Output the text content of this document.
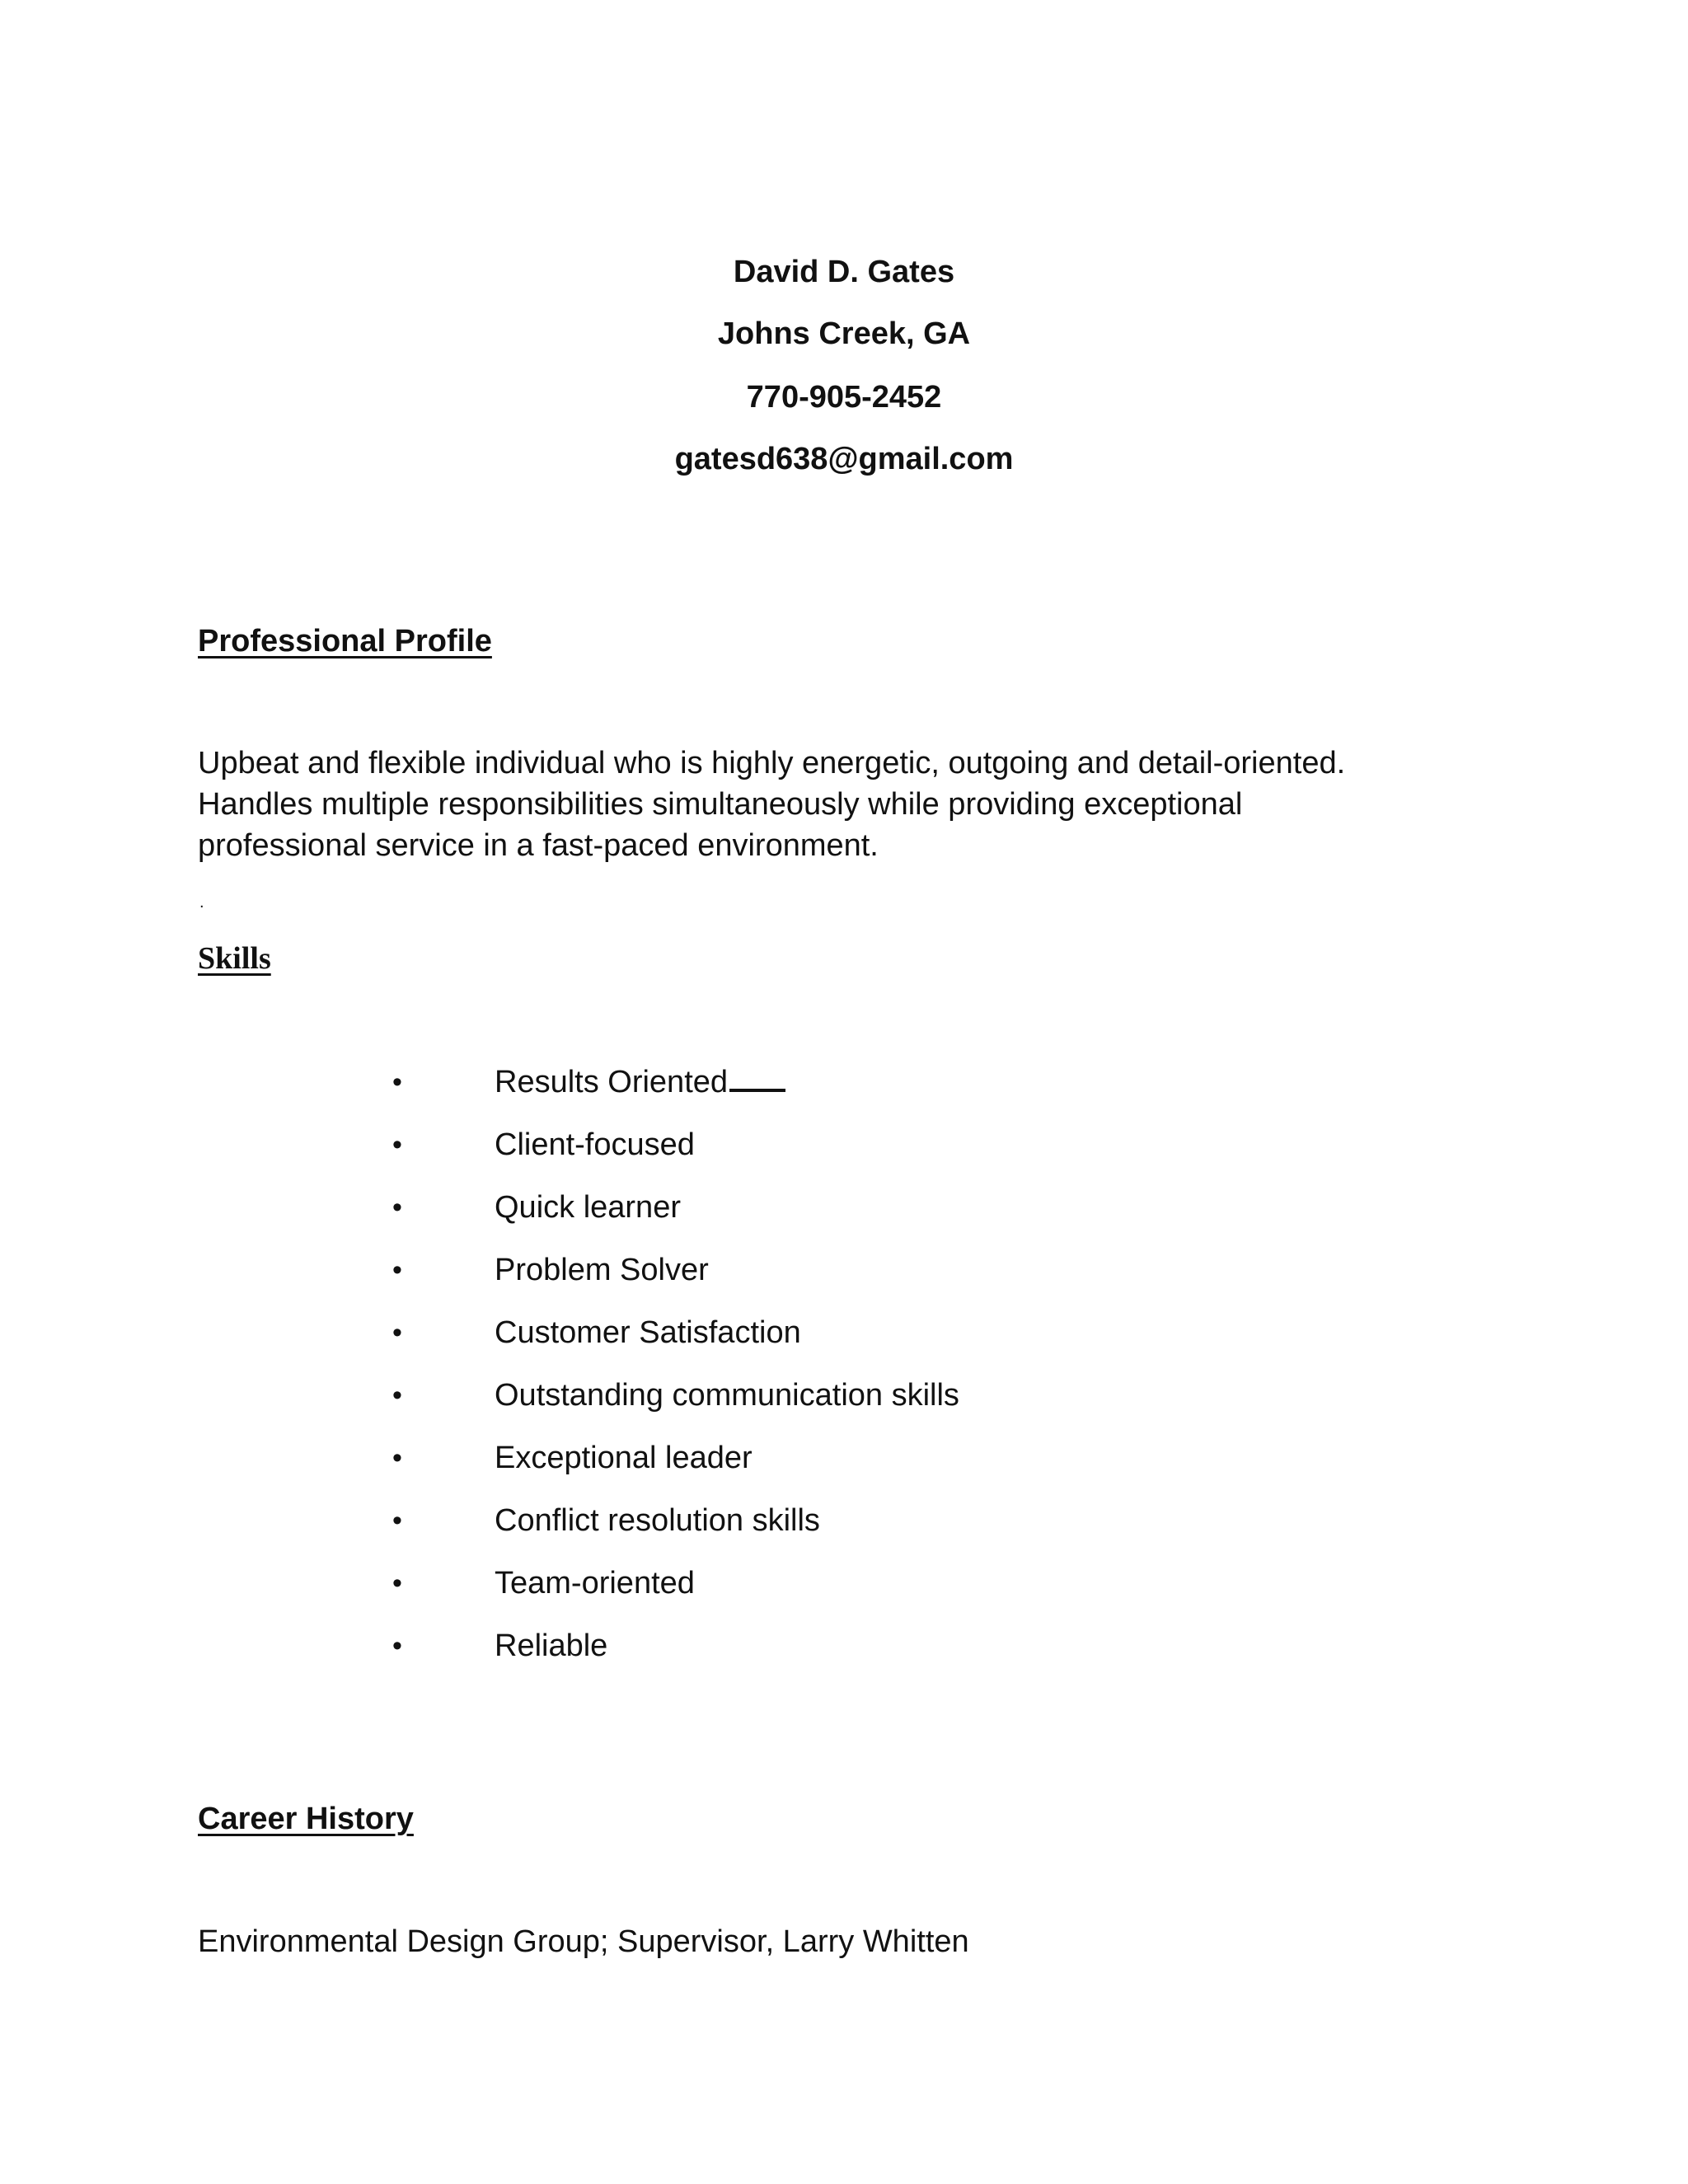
David D. Gates
Johns Creek, GA
770-905-2452
gatesd638@gmail.com
Professional Profile
Upbeat and flexible individual who is highly energetic, outgoing and detail-oriented.
Handles multiple responsibilities simultaneously while providing exceptional
professional service in a fast-paced environment.
.
Skills
•	Results Oriented
•	Client-focused
•	Quick learner
•	Problem Solver
•	Customer Satisfaction
•	Outstanding communication skills
•	Exceptional leader
•	Conflict resolution skills
•	Team-oriented
•	Reliable
Career History
Environmental Design Group; Supervisor, Larry Whitten
